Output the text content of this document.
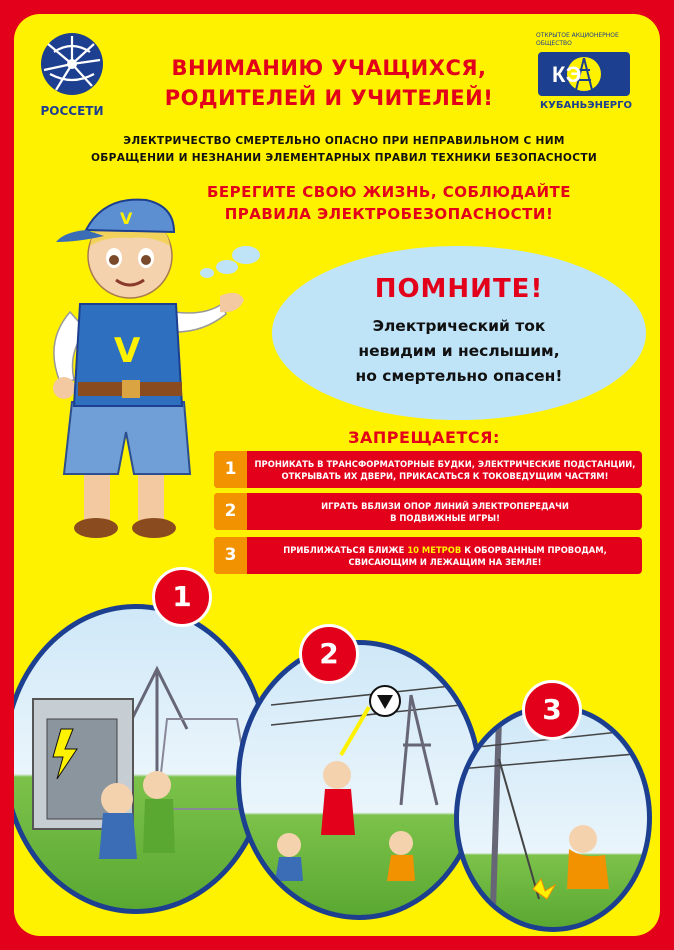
РОССЕТИ
ОТКРЫТОЕ АКЦИОНЕРНОЕ ОБЩЕСТВО
КЭ
КУБАНЬЭНЕРГО
ВНИМАНИЮ УЧАЩИХСЯ,
РОДИТЕЛЕЙ И УЧИТЕЛЕЙ!
ЭЛЕКТРИЧЕСТВО СМЕРТЕЛЬНО ОПАСНО ПРИ НЕПРАВИЛЬНОМ С НИМ
ОБРАЩЕНИИ И НЕЗНАНИИ ЭЛЕМЕНТАРНЫХ ПРАВИЛ ТЕХНИКИ БЕЗОПАСНОСТИ
БЕРЕГИТЕ СВОЮ ЖИЗНЬ, СОБЛЮДАЙТЕ
ПРАВИЛА ЭЛЕКТРОБЕЗОПАСНОСТИ!
V
V
ПОМНИТЕ!
Электрический ток
невидим и неслышим,
но смертельно опасен!
ЗАПРЕЩАЕТСЯ:
1	ПРОНИКАТЬ В ТРАНСФОРМАТОРНЫЕ БУДКИ, ЭЛЕКТРИЧЕСКИЕ ПОДСТАНЦИИ,
ОТКРЫВАТЬ ИХ ДВЕРИ, ПРИКАСАТЬСЯ К ТОКОВЕДУЩИМ ЧАСТЯМ!
2	ИГРАТЬ ВБЛИЗИ ОПОР ЛИНИЙ ЭЛЕКТРОПЕРЕДАЧИ
В ПОДВИЖНЫЕ ИГРЫ!
3	ПРИБЛИЖАТЬСЯ БЛИЖЕ 10 МЕТРОВ К ОБОРВАННЫМ ПРОВОДАМ,
СВИСАЮЩИМ И ЛЕЖАЩИМ НА ЗЕМЛЕ!
1
2
3
